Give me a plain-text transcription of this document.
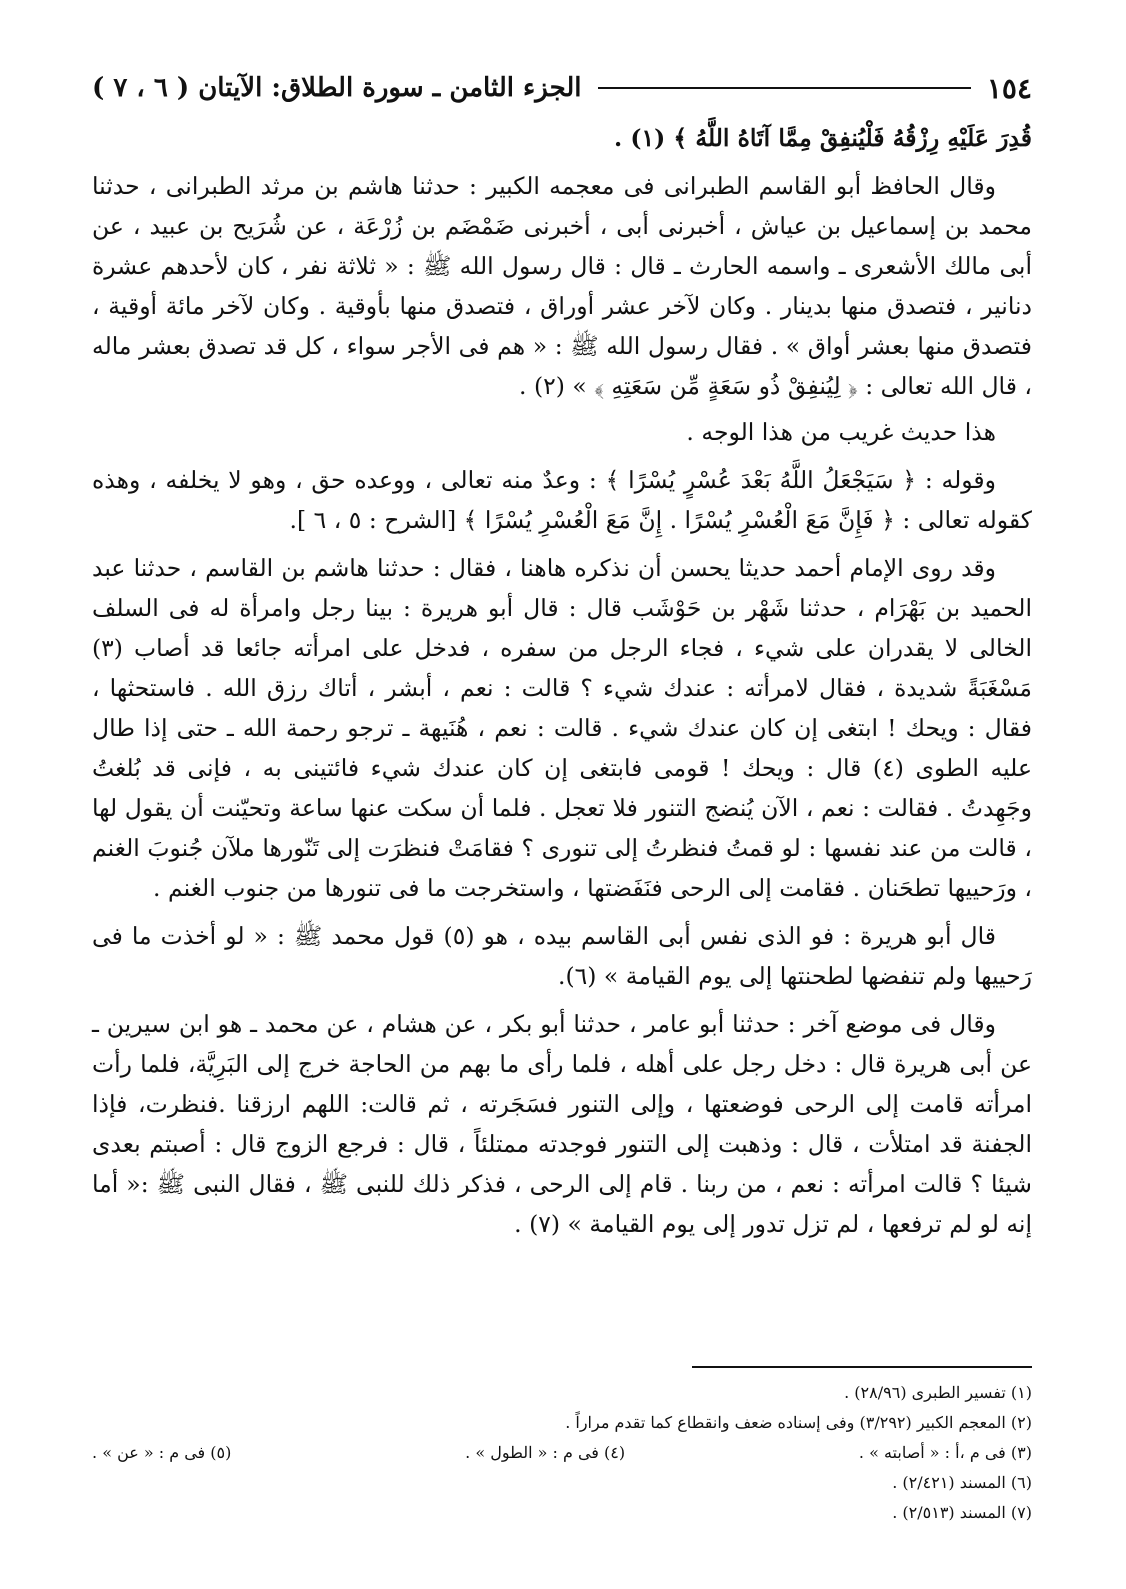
١٥٤
الجزء الثامن ـ سورة الطلاق: الآيتان ( ٦ ، ٧ )

قُدِرَ عَلَيْهِ رِزْقُهُ فَلْيُنفِقْ مِمَّا آتَاهُ اللَّهُ ﴾ (١) .

وقال الحافظ أبو القاسم الطبرانى فى معجمه الكبير : حدثنا هاشم بن مرثد الطبرانى ، حدثنا محمد بن إسماعيل بن عياش ، أخبرنى أبى ، أخبرنى ضَمْضَم بن زُرْعَة ، عن شُرَيح بن عبيد ، عن أبى مالك الأشعرى ـ واسمه الحارث ـ قال : قال رسول الله ﷺ : « ثلاثة نفر ، كان لأحدهم عشرة دنانير ، فتصدق منها بدينار . وكان لآخر عشر أوراق ، فتصدق منها بأوقية . وكان لآخر مائة أوقية ، فتصدق منها بعشر أواق » . فقال رسول الله ﷺ : « هم فى الأجر سواء ، كل قد تصدق بعشر ماله ، قال الله تعالى : ﴿ لِيُنفِقْ ذُو سَعَةٍ مِّن سَعَتِهِ ﴾ » (٢) .

هذا حديث غريب من هذا الوجه .

وقوله : ﴿ سَيَجْعَلُ اللَّهُ بَعْدَ عُسْرٍ يُسْرًا ﴾ : وعدٌ منه تعالى ، ووعده حق ، وهو لا يخلفه ، وهذه كقوله تعالى : ﴿ فَإِنَّ مَعَ الْعُسْرِ يُسْرًا . إِنَّ مَعَ الْعُسْرِ يُسْرًا ﴾ [الشرح : ٥ ، ٦ ].

وقد روى الإمام أحمد حديثا يحسن أن نذكره هاهنا ، فقال : حدثنا هاشم بن القاسم ، حدثنا عبد الحميد بن بَهْرَام ، حدثنا شَهْر بن حَوْشَب قال : قال أبو هريرة : بينا رجل وامرأة له فى السلف الخالى لا يقدران على شيء ، فجاء الرجل من سفره ، فدخل على امرأته جائعا قد أصاب (٣) مَسْغَبَةً شديدة ، فقال لامرأته : عندك شيء ؟ قالت : نعم ، أبشر ، أتاك رزق الله . فاستحثها ، فقال : ويحك ! ابتغى إن كان عندك شيء . قالت : نعم ، هُنَيهة ـ ترجو رحمة الله ـ حتى إذا طال عليه الطوى (٤) قال : ويحك ! قومى فابتغى إن كان عندك شيء فائتينى به ، فإنى قد بُلغتُ وجَهِدتُ . فقالت : نعم ، الآن يُنضج التنور فلا تعجل . فلما أن سكت عنها ساعة وتحيّنت أن يقول لها ، قالت من عند نفسها : لو قمتُ فنظرتُ إلى تنورى ؟ فقامَتْ فنظرَت إلى تَنّورها ملآن جُنوبَ الغنم ، ورَحييها تطحَنان . فقامت إلى الرحى فنَفَضتها ، واستخرجت ما فى تنورها من جنوب الغنم .

قال أبو هريرة : فو الذى نفس أبى القاسم بيده ، هو (٥) قول محمد ﷺ : « لو أخذت ما فى رَحييها ولم تنفضها لطحنتها إلى يوم القيامة » (٦).

وقال فى موضع آخر : حدثنا أبو عامر ، حدثنا أبو بكر ، عن هشام ، عن محمد ـ هو ابن سيرين ـ عن أبى هريرة قال : دخل رجل على أهله ، فلما رأى ما بهم من الحاجة خرج إلى البَرِيَّة، فلما رأت امرأته قامت إلى الرحى فوضعتها ، وإلى التنور فسَجَرته ، ثم قالت: اللهم ارزقنا .فنظرت، فإذا الجفنة قد امتلأت ، قال : وذهبت إلى التنور فوجدته ممتلئاً ، قال : فرجع الزوج قال : أصبتم بعدى شيئا ؟ قالت امرأته : نعم ، من ربنا . قام إلى الرحى ، فذكر ذلك للنبى ﷺ ، فقال النبى ﷺ :« أما إنه لو لم ترفعها ، لم تزل تدور إلى يوم القيامة » (٧) .

(١) تفسير الطبرى (٢٨/٩٦) .

(٢) المعجم الكبير (٣/٢٩٢) وفى إسناده ضعف وانقطاع كما تقدم مراراً .

(٣) فى م ،أ : « أصابته » .
(٤) فى م : « الطول » .
(٥) فى م : « عن » .

(٦) المسند (٢/٤٢١) .

(٧) المسند (٢/٥١٣) .
